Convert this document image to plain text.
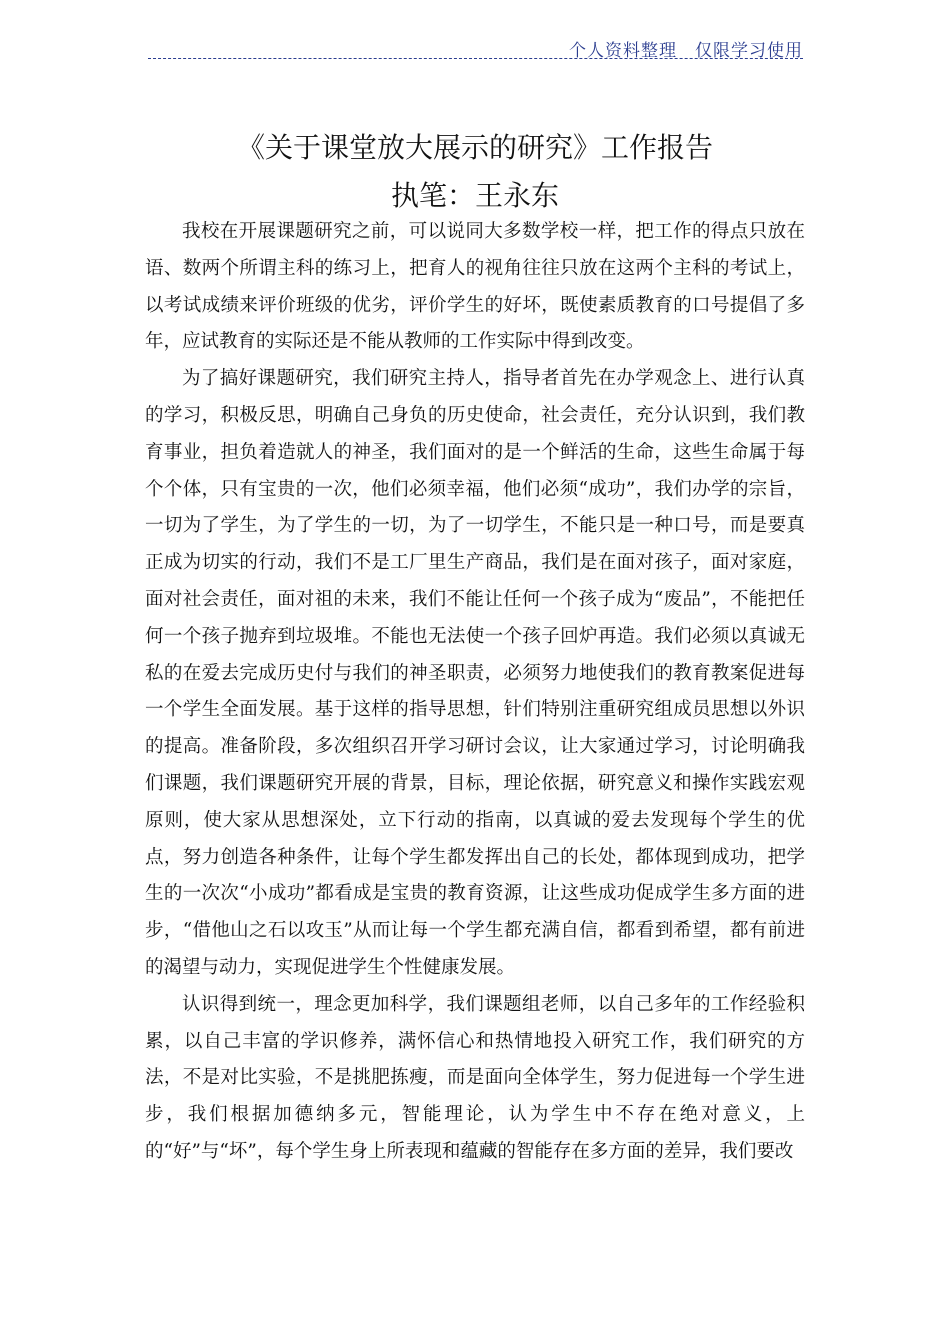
个人资料整理　仅限学习使用
《关于课堂放大展示的研究》工作报告
执笔：王永东

我校在开展课题研究之前，可以说同大多数学校一样，把工作的得点只放在语、数两个所谓主科的练习上，把育人的视角往往只放在这两个主科的考试上，以考试成绩来评价班级的优劣，评价学生的好坏，既使素质教育的口号提倡了多年，应试教育的实际还是不能从教师的工作实际中得到改变。

为了搞好课题研究，我们研究主持人，指导者首先在办学观念上、进行认真的学习，积极反思，明确自己身负的历史使命，社会责任，充分认识到，我们教育事业，担负着造就人的神圣，我们面对的是一个鲜活的生命，这些生命属于每个个体，只有宝贵的一次，他们必须幸福，他们必须“成功”，我们办学的宗旨，一切为了学生，为了学生的一切，为了一切学生，不能只是一种口号，而是要真正成为切实的行动，我们不是工厂里生产商品，我们是在面对孩子，面对家庭，面对社会责任，面对祖的未来，我们不能让任何一个孩子成为“废品”，不能把任何一个孩子抛弃到垃圾堆。不能也无法使一个孩子回炉再造。我们必须以真诚无私的在爱去完成历史付与我们的神圣职责，必须努力地使我们的教育教案促进每一个学生全面发展。基于这样的指导思想，针们特别注重研究组成员思想以外识的提高。准备阶段，多次组织召开学习研讨会议，让大家通过学习，讨论明确我们课题，我们课题研究开展的背景，目标，理论依据，研究意义和操作实践宏观原则，使大家从思想深处，立下行动的指南，以真诚的爱去发现每个学生的优点，努力创造各种条件，让每个学生都发挥出自己的长处，都体现到成功，把学生的一次次“小成功”都看成是宝贵的教育资源，让这些成功促成学生多方面的进步，“借他山之石以攻玉”从而让每一个学生都充满自信，都看到希望，都有前进的渴望与动力，实现促进学生个性健康发展。

认识得到统一，理念更加科学，我们课题组老师，以自己多年的工作经验积累，以自己丰富的学识修养，满怀信心和热情地投入研究工作，我们研究的方法，不是对比实验，不是挑肥拣瘦，而是面向全体学生，努力促进每一个学生进步，我们根据加德纳多元，智能理论，认为学生中不存在绝对意义，上的“好”与“坏”，每个学生身上所表现和蕴藏的智能存在多方面的差异，我们要改
